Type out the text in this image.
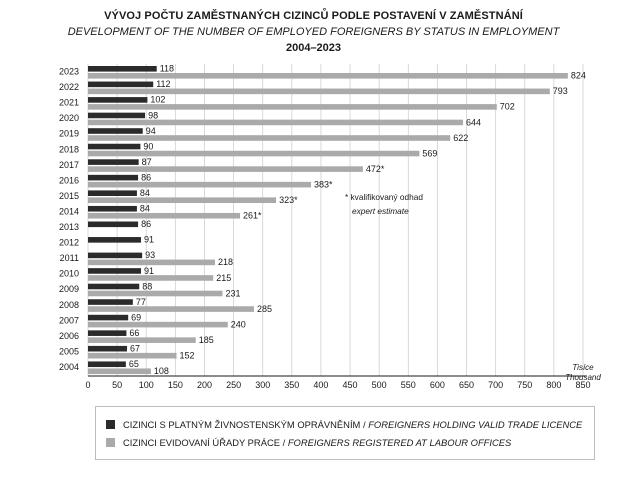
VÝVOJ POČTU ZAMĚSTNANÝCH CIZINCŮ PODLE POSTAVENÍ V ZAMĚSTNÁNÍ
DEVELOPMENT OF THE NUMBER OF EMPLOYED FOREIGNERS BY STATUS IN EMPLOYMENT
2004–2023
118
824
112
793
102
702
98
644
94
622
90
569
87
472*
86
383*
84
323*
84
261*
86
91
93
218
91
215
88
231
77
285
69
240
66
185
67
152
65
108
2023
2022
2021
2020
2019
2018
2017
2016
2015
2014
2013
2012
2011
2010
2009
2008
2007
2006
2005
2004
0 50 100 150 200 250 300 350 400 450 500 550 600 650 700 750 800 850
Tisíce
Thousand
* kvalifikovaný odhad
expert estimate
CIZINCI S PLATNÝM ŽIVNOSTENSKÝM OPRÁVNĚNÍM / FOREIGNERS HOLDING VALID TRADE LICENCE
CIZINCI EVIDOVANÍ ÚŘADY PRÁCE / FOREIGNERS REGISTERED AT LABOUR OFFICES
